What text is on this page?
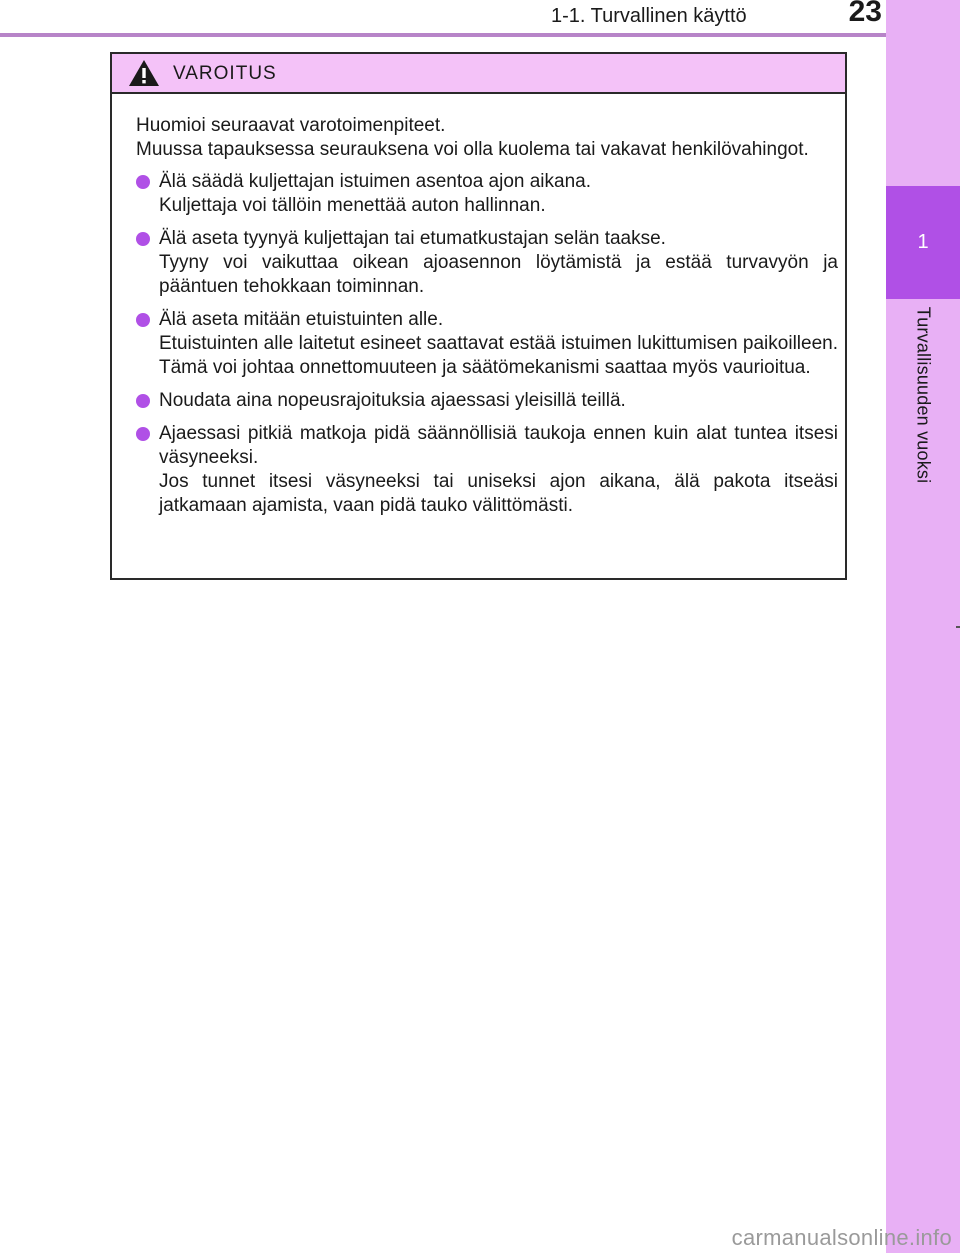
1
Turvallisuuden vuoksi
1-1. Turvallinen käyttö	23
VAROITUS

Huomioi seuraavat varotoimenpiteet.

Muussa tapauksessa seurauksena voi olla kuolema tai vakavat henkilövahingot.

Älä säädä kuljettajan istuimen asentoa ajon aikana.

Kuljettaja voi tällöin menettää auton hallinnan.

Älä aseta tyynyä kuljettajan tai etumatkustajan selän taakse.

Tyyny voi vaikuttaa oikean ajoasennon löytämistä ja estää turvavyön ja pääntuen tehokkaan toiminnan.

Älä aseta mitään etuistuinten alle.

Etuistuinten alle laitetut esineet saattavat estää istuimen lukittumisen paikoilleen. Tämä voi johtaa onnettomuuteen ja säätömekanismi saattaa myös vaurioitua.

Noudata aina nopeusrajoituksia ajaessasi yleisillä teillä.

Ajaessasi pitkiä matkoja pidä säännöllisiä taukoja ennen kuin alat tuntea itsesi väsyneeksi.

Jos tunnet itsesi väsyneeksi tai uniseksi ajon aikana, älä pakota itseäsi jatkamaan ajamista, vaan pidä tauko välittömästi.

carmanualsonline.info
